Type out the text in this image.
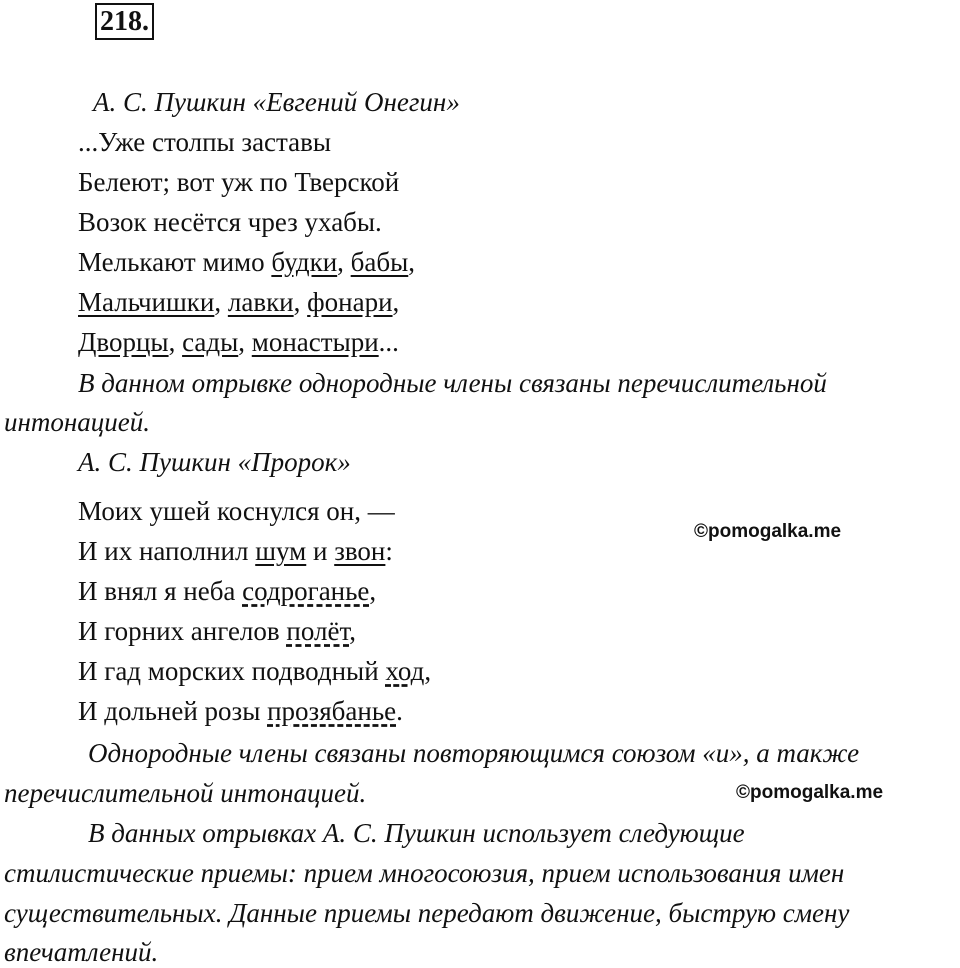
218.
А. С. Пушкин «Евгений Онегин»
...Уже столпы заставы
Белеют; вот уж по Тверской
Возок несётся чрез ухабы.
Мелькают мимо будки, бабы,
Мальчишки, лавки, фонари,
Дворцы, сады, монастыри...
В данном отрывке однородные члены связаны перечислительной
интонацией.
А. С. Пушкин «Пророк»
Моих ушей коснулся он, —
И их наполнил шум и звон:
И внял я неба содроганье,
И горних ангелов полёт,
И гад морских подводный ход,
И дольней розы прозябанье.
Однородные члены связаны повторяющимся союзом «и», а также
перечислительной интонацией.
В данных отрывках А. С. Пушкин использует следующие
стилистические приемы: прием многосоюзия, прием использования имен
существительных. Данные приемы передают движение, быструю смену
впечатлений.
©pomogalka.me
©pomogalka.me
